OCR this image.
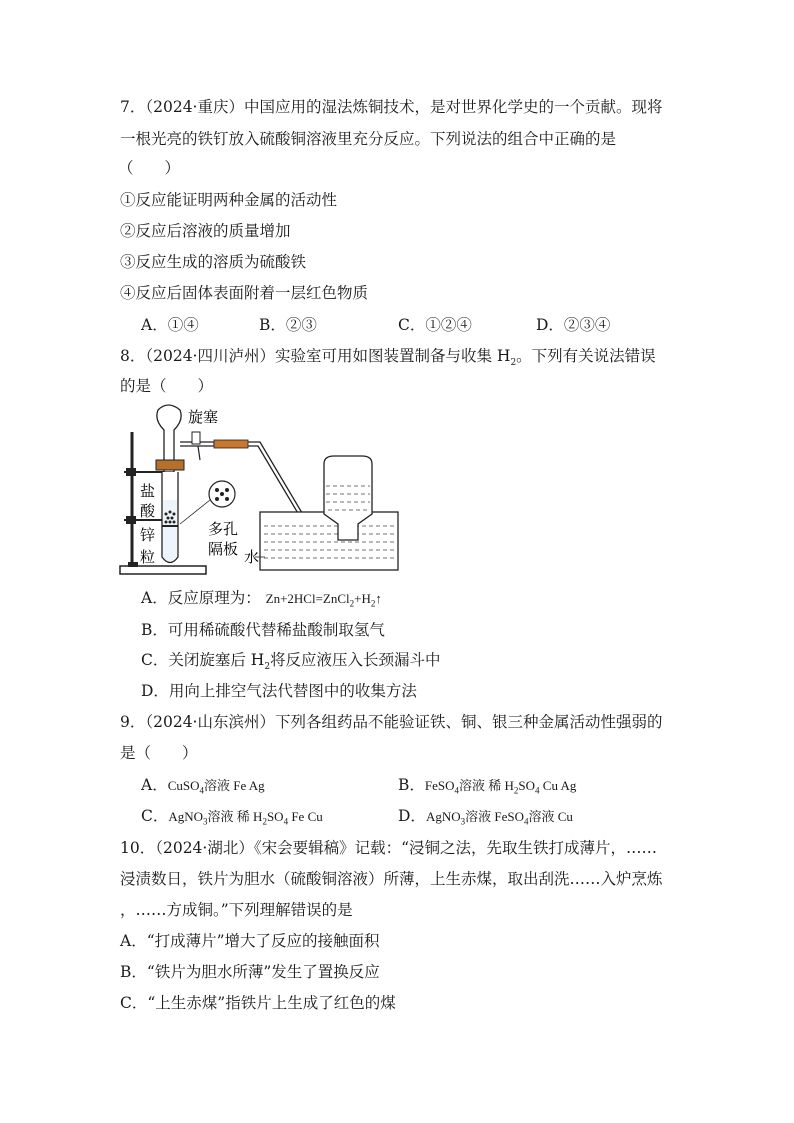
7．（2024·重庆）中国应用的湿法炼铜技术，是对世界化学史的一个贡献。现将
一根光亮的铁钉放入硫酸铜溶液里充分反应。下列说法的组合中正确的是
（　　）
①反应能证明两种金属的活动性
②反应后溶液的质量增加
③反应生成的溶质为硫酸铁
④反应后固体表面附着一层红色物质
A．①④	B．②③	C．①②④	D．②③④
8．（2024·四川泸州）实验室可用如图装置制备与收集 $H_2$。下列有关说法错误
的是（　　）
旋塞
盐
酸
锌
粒
多孔
隔板 水
A．反应原理为： $Zn+2HCl=ZnCl_2+H_2↑$
B．可用稀硫酸代替稀盐酸制取氢气
C．关闭旋塞后 $H_2$将反应液压入长颈漏斗中
D．用向上排空气法代替图中的收集方法
9．（2024·山东滨州）下列各组药品不能验证铁、铜、银三种金属活动性强弱的
是（　　）
A．CuSO$_4$溶液 Fe Ag	B．FeSO$_4$溶液 稀 $H_2SO_4$ Cu Ag
C．AgNO$_3$溶液 稀 $H_2SO_4$ Fe Cu	D．AgNO$_3$溶液 FeSO$_4$溶液 Cu
10．（2024·湖北）《宋会要辑稿》记载：“浸铜之法，先取生铁打成薄片，……
浸渍数日，铁片为胆水（硫酸铜溶液）所薄，上生赤煤，取出刮洗……入炉烹炼
，……方成铜。”下列理解错误的是
A．“打成薄片”增大了反应的接触面积
B．“铁片为胆水所薄”发生了置换反应
C．“上生赤煤”指铁片上生成了红色的煤
